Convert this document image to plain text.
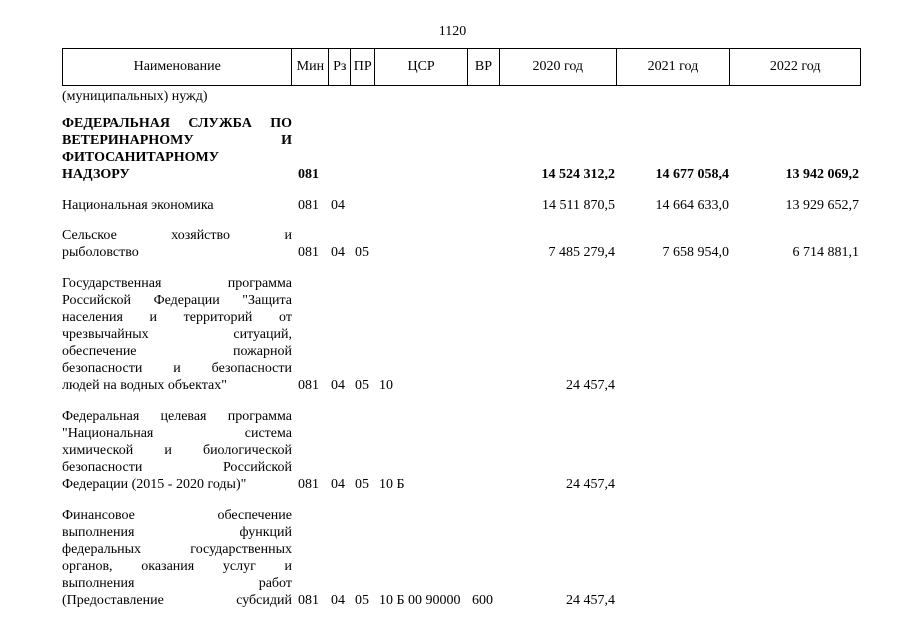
1120
Наименование	Мин Рз ПР	ЦСР	ВР	2020 год	2021 год	2022 год
(муниципальных) нужд)
ФЕДЕРАЛЬНАЯ СЛУЖБА ПО
ВЕТЕРИНАРНОМУ И
ФИТОСАНИТАРНОМУ
НАДЗОРУ	081	14 524 312,2	14 677 058,4	13 942 069,2
Национальная экономика	081 04	14 511 870,5	14 664 633,0	13 929 652,7
Сельское хозяйство и
рыболовство	081 04 05	7 485 279,4	7 658 954,0	6 714 881,1
Государственная программа
Российской Федерации "Защита
населения и территорий от
чрезвычайных ситуаций,
обеспечение пожарной
безопасности и безопасности
людей на водных объектах"	081 04 05 10	24 457,4
Федеральная целевая программа
"Национальная система
химической и биологической
безопасности Российской
Федерации (2015 - 2020 годы)"	081 04 05 10 Б	24 457,4
Финансовое обеспечение
выполнения функций
федеральных государственных
органов, оказания услуг и
выполнения работ
(Предоставление субсидий 081 04 05 10 Б 00 90000 600	24 457,4
